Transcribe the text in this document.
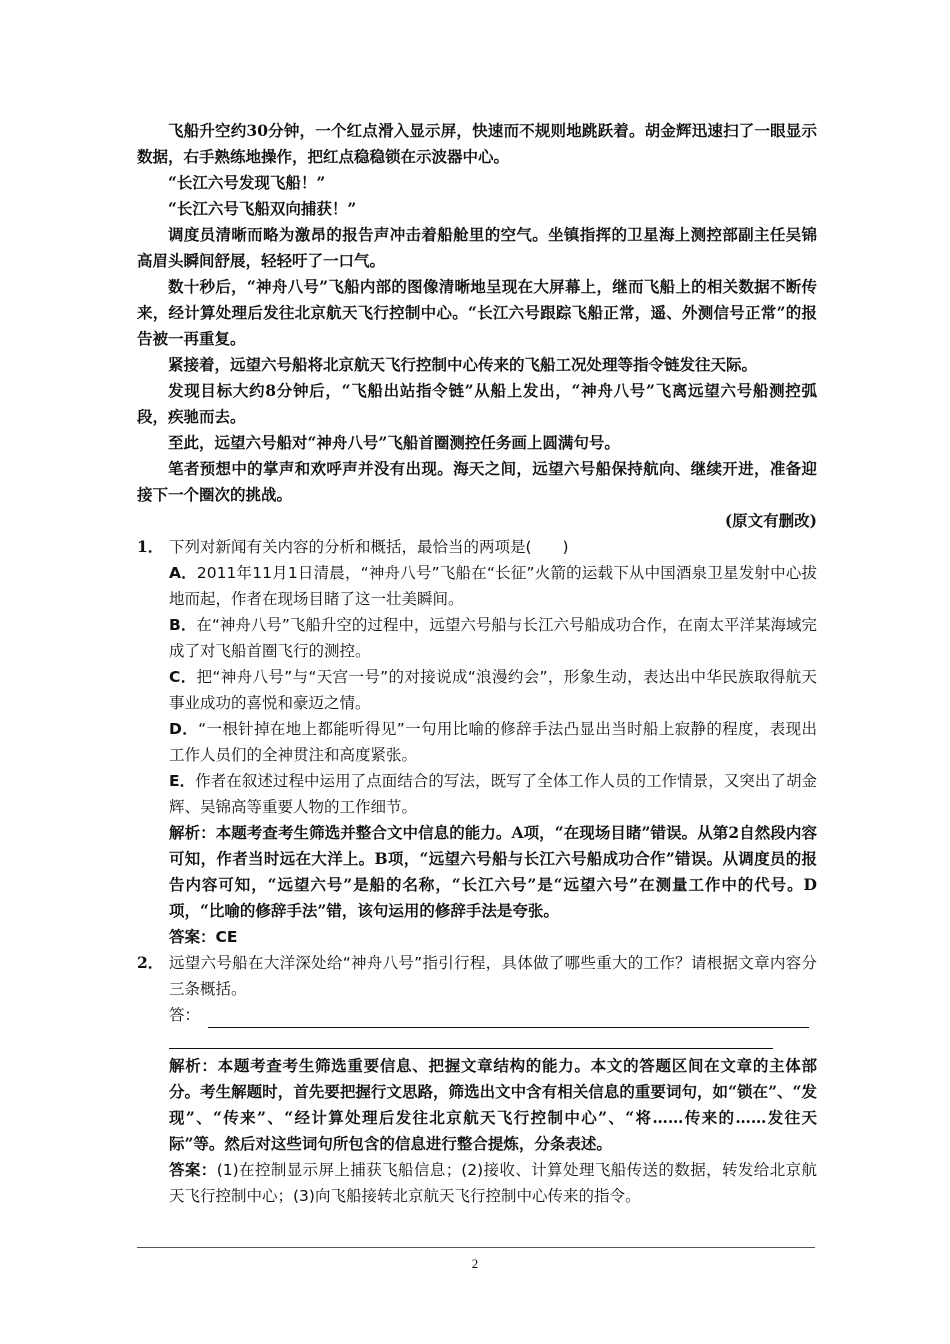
飞船升空约30分钟，一个红点滑入显示屏，快速而不规则地跳跃着。胡金辉迅速扫了一眼显示数据，右手熟练地操作，把红点稳稳锁在示波器中心。

“长江六号发现飞船！”

“长江六号飞船双向捕获！”

调度员清晰而略为激昂的报告声冲击着船舱里的空气。坐镇指挥的卫星海上测控部副主任吴锦高眉头瞬间舒展，轻轻吁了一口气。

数十秒后，“神舟八号”飞船内部的图像清晰地呈现在大屏幕上，继而飞船上的相关数据不断传来，经计算处理后发往北京航天飞行控制中心。“长江六号跟踪飞船正常，遥、外测信号正常”的报告被一再重复。

紧接着，远望六号船将北京航天飞行控制中心传来的飞船工况处理等指令链发往天际。

发现目标大约8分钟后，“飞船出站指令链”从船上发出，“神舟八号”飞离远望六号船测控弧段，疾驰而去。

至此，远望六号船对“神舟八号”飞船首圈测控任务画上圆满句号。

笔者预想中的掌声和欢呼声并没有出现。海天之间，远望六号船保持航向、继续开进，准备迎接下一个圈次的挑战。

(原文有删改)

1． 下列对新闻有关内容的分析和概括，最恰当的两项是(　　)

A．2011年11月1日清晨，“神舟八号”飞船在“长征”火箭的运载下从中国酒泉卫星发射中心拔地而起，作者在现场目睹了这一壮美瞬间。

B．在“神舟八号”飞船升空的过程中，远望六号船与长江六号船成功合作，在南太平洋某海域完成了对飞船首圈飞行的测控。

C．把“神舟八号”与“天宫一号”的对接说成“浪漫约会”，形象生动，表达出中华民族取得航天事业成功的喜悦和豪迈之情。

D．“一根针掉在地上都能听得见”一句用比喻的修辞手法凸显出当时船上寂静的程度，表现出工作人员们的全神贯注和高度紧张。

E．作者在叙述过程中运用了点面结合的写法，既写了全体工作人员的工作情景，又突出了胡金辉、吴锦高等重要人物的工作细节。

解析：本题考查考生筛选并整合文中信息的能力。A项，“在现场目睹”错误。从第2自然段内容可知，作者当时远在大洋上。B项，“远望六号船与长江六号船成功合作”错误。从调度员的报告内容可知，“远望六号”是船的名称，“长江六号”是“远望六号”在测量工作中的代号。D项，“比喻的修辞手法”错，该句运用的修辞手法是夸张。

答案：CE

2． 远望六号船在大洋深处给“神舟八号”指引行程，具体做了哪些重大的工作？请根据文章内容分三条概括。

答：

解析：本题考查考生筛选重要信息、把握文章结构的能力。本文的答题区间在文章的主体部分。考生解题时，首先要把握行文思路，筛选出文中含有相关信息的重要词句，如“锁在”、“发现”、“传来”、“经计算处理后发往北京航天飞行控制中心”、“将……传来的……发往天际”等。然后对这些词句所包含的信息进行整合提炼，分条表述。

答案：(1)在控制显示屏上捕获飞船信息；(2)接收、计算处理飞船传送的数据，转发给北京航天飞行控制中心；(3)向飞船接转北京航天飞行控制中心传来的指令。

2
